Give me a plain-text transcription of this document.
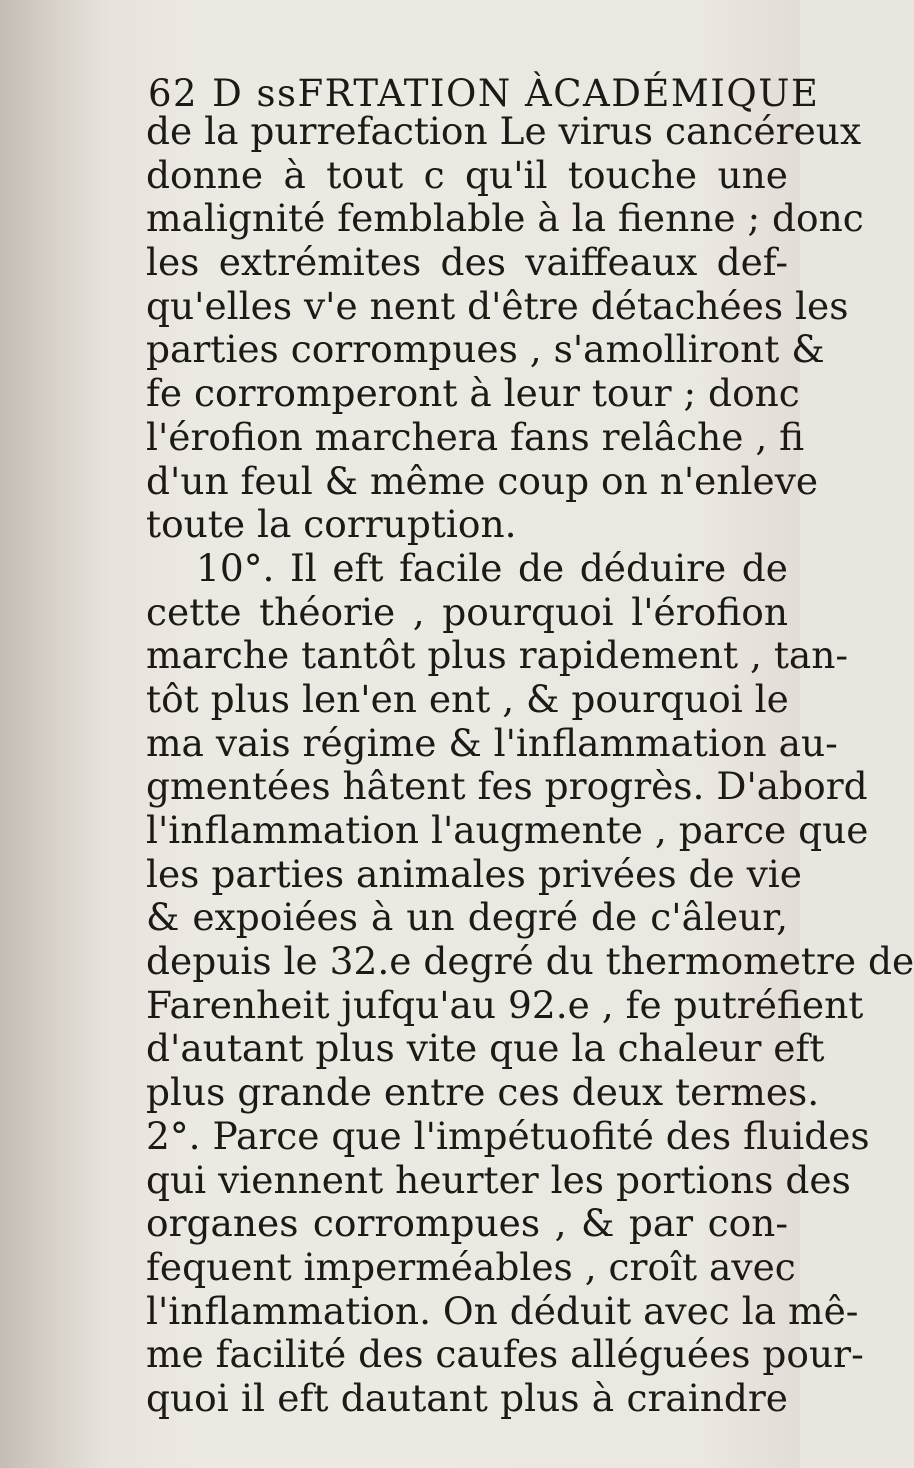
62 D ssFRTATION ÀCADÉMIQUE
de la purrefaction Le virus cancéreux
donne à tout c qu'il touche une
malignité femblable à la fienne ; donc
les extrémites des vaiffeaux def-
qu'elles v'e nent d'être détachées les
parties corrompues , s'amolliront &
fe corromperont à leur tour ; donc
l'érofion marchera fans relâche , fi
d'un feul & même coup on n'enleve
toute la corruption.
10°. Il eft facile de déduire de
cette théorie , pourquoi l'érofion
marche tantôt plus rapidement , tan-
tôt plus len'en ent , & pourquoi le
ma vais régime & l'inflammation au-
gmentées hâtent fes progrès. D'abord
l'inflammation l'augmente , parce que
les parties animales privées de vie
& expoiées à un degré de c'âleur,
depuis le 32.e degré du thermometre de
Farenheit jufqu'au 92.e , fe putréfient
d'autant plus vite que la chaleur eft
plus grande entre ces deux termes.
2°. Parce que l'impétuofité des fluides
qui viennent heurter les portions des
organes corrompues , & par con-
fequent imperméables , croît avec
l'inflammation. On déduit avec la mê-
me facilité des caufes alléguées pour-
quoi il eft dautant plus à craindre
